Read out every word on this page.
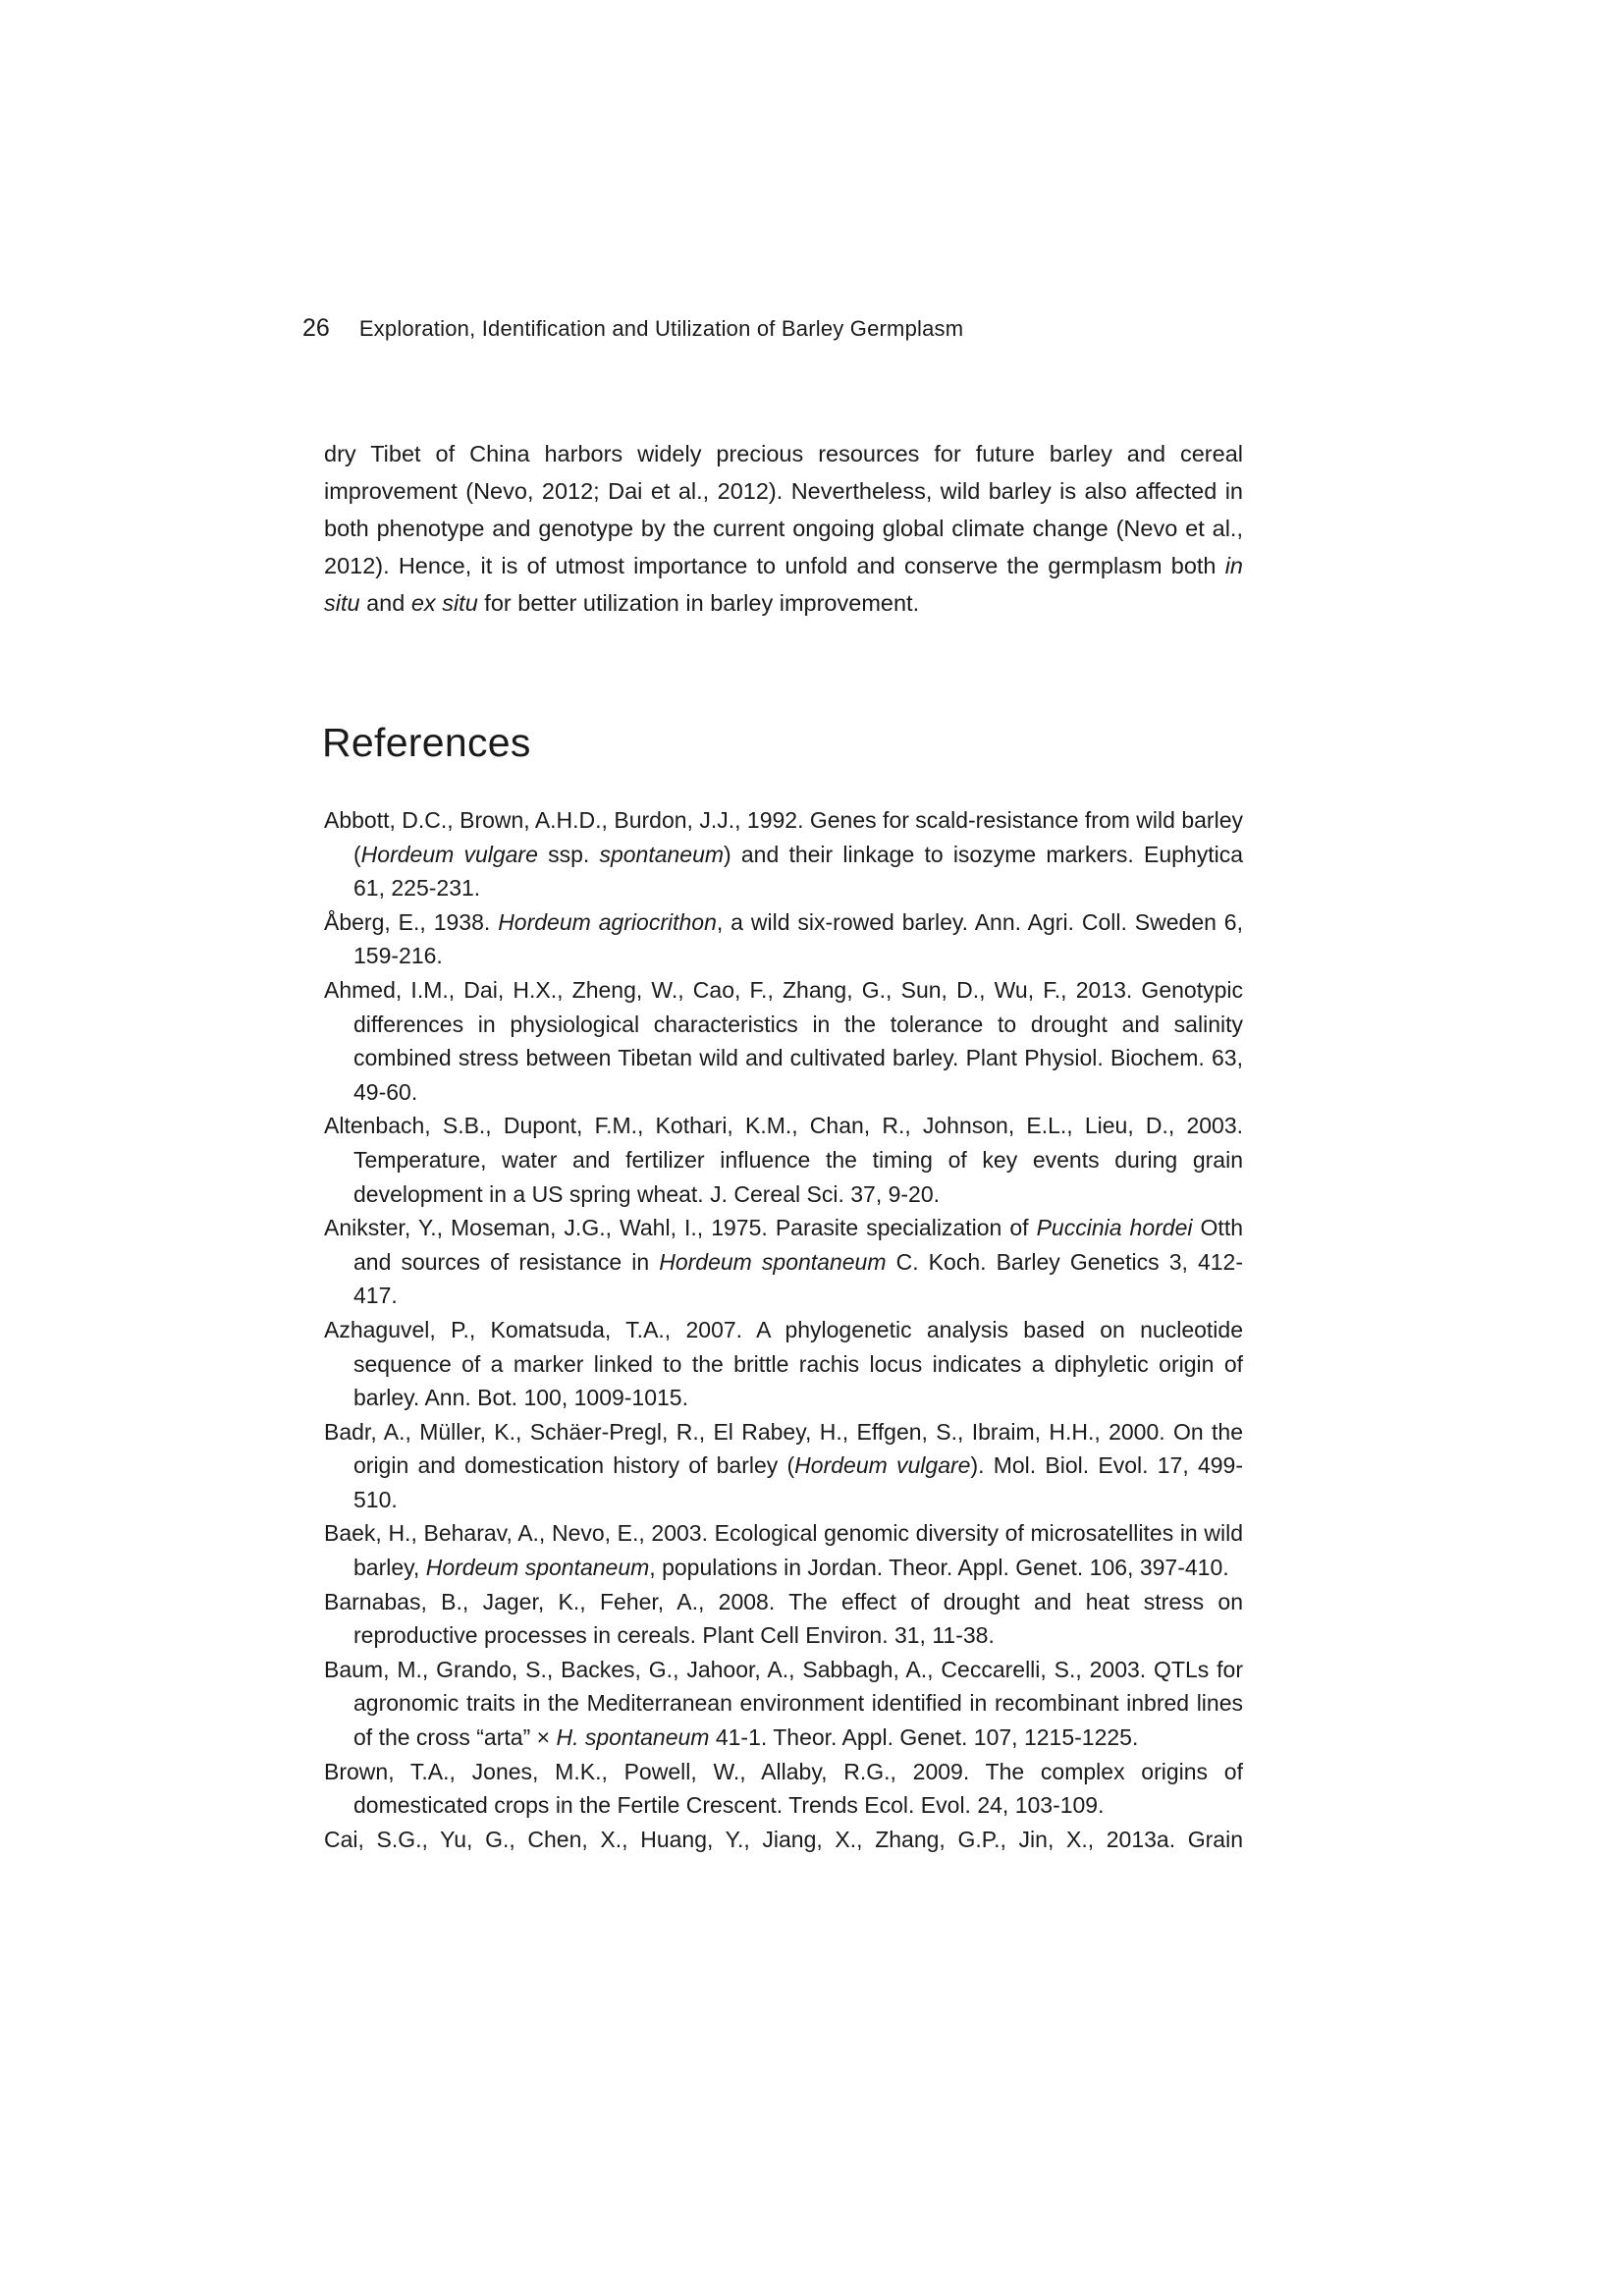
26 Exploration, Identification and Utilization of Barley Germplasm

dry Tibet of China harbors widely precious resources for future barley and cereal improvement (Nevo, 2012; Dai et al., 2012). Nevertheless, wild barley is also affected in both phenotype and genotype by the current ongoing global climate change (Nevo et al., 2012). Hence, it is of utmost importance to unfold and conserve the germplasm both in situ and ex situ for better utilization in barley improvement.

References

Abbott, D.C., Brown, A.H.D., Burdon, J.J., 1992. Genes for scald-resistance from wild barley (Hordeum vulgare ssp. spontaneum) and their linkage to isozyme markers. Euphytica 61, 225-231.

Åberg, E., 1938. Hordeum agriocrithon, a wild six-rowed barley. Ann. Agri. Coll. Sweden 6, 159-216.

Ahmed, I.M., Dai, H.X., Zheng, W., Cao, F., Zhang, G., Sun, D., Wu, F., 2013. Genotypic differences in physiological characteristics in the tolerance to drought and salinity combined stress between Tibetan wild and cultivated barley. Plant Physiol. Biochem. 63, 49-60.

Altenbach, S.B., Dupont, F.M., Kothari, K.M., Chan, R., Johnson, E.L., Lieu, D., 2003. Temperature, water and fertilizer influence the timing of key events during grain development in a US spring wheat. J. Cereal Sci. 37, 9-20.

Anikster, Y., Moseman, J.G., Wahl, I., 1975. Parasite specialization of Puccinia hordei Otth and sources of resistance in Hordeum spontaneum C. Koch. Barley Genetics 3, 412-417.

Azhaguvel, P., Komatsuda, T.A., 2007. A phylogenetic analysis based on nucleotide sequence of a marker linked to the brittle rachis locus indicates a diphyletic origin of barley. Ann. Bot. 100, 1009-1015.

Badr, A., Müller, K., Schäer-Pregl, R., El Rabey, H., Effgen, S., Ibraim, H.H., 2000. On the origin and domestication history of barley (Hordeum vulgare). Mol. Biol. Evol. 17, 499-510.

Baek, H., Beharav, A., Nevo, E., 2003. Ecological genomic diversity of microsatellites in wild barley, Hordeum spontaneum, populations in Jordan. Theor. Appl. Genet. 106, 397-410.

Barnabas, B., Jager, K., Feher, A., 2008. The effect of drought and heat stress on reproductive processes in cereals. Plant Cell Environ. 31, 11-38.

Baum, M., Grando, S., Backes, G., Jahoor, A., Sabbagh, A., Ceccarelli, S., 2003. QTLs for agronomic traits in the Mediterranean environment identified in recombinant inbred lines of the cross “arta” × H. spontaneum 41-1. Theor. Appl. Genet. 107, 1215-1225.

Brown, T.A., Jones, M.K., Powell, W., Allaby, R.G., 2009. The complex origins of domesticated crops in the Fertile Crescent. Trends Ecol. Evol. 24, 103-109.

Cai, S.G., Yu, G., Chen, X., Huang, Y., Jiang, X., Zhang, G.P., Jin, X., 2013a. Grain
